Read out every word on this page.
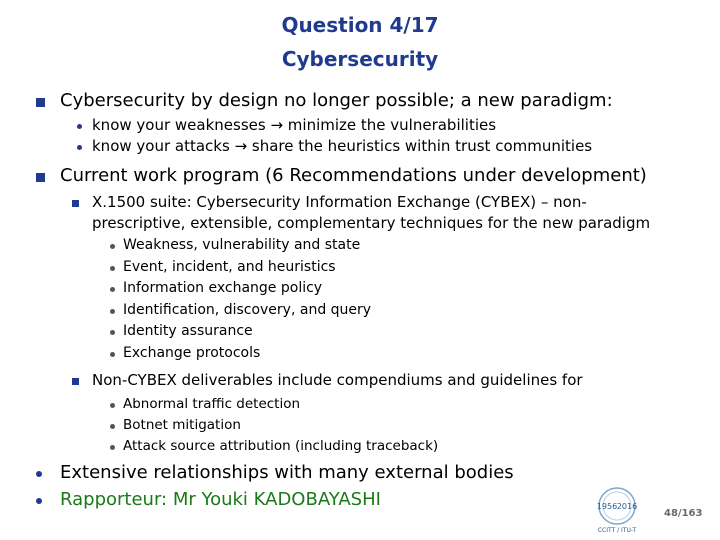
Question 4/17
Cybersecurity
Cybersecurity by design no longer possible; a new paradigm:
know your weaknesses → minimize the vulnerabilities
know your attacks → share the heuristics within trust communities
Current work program (6 Recommendations under development)
X.1500 suite: Cybersecurity Information Exchange (CYBEX) – non-
prescriptive, extensible, complementary techniques for the new paradigm
Weakness, vulnerability and state
Event, incident, and heuristics
Information exchange policy
Identification, discovery, and query
Identity assurance
Exchange protocols
Non-CYBEX deliverables include compendiums and guidelines for
Abnormal traffic detection
Botnet mitigation
Attack source attribution (including traceback)
Extensive relationships with many external bodies
Rapporteur: Mr Youki KADOBAYASHI	1956 2016
CCITT / ITU-T
48/163
